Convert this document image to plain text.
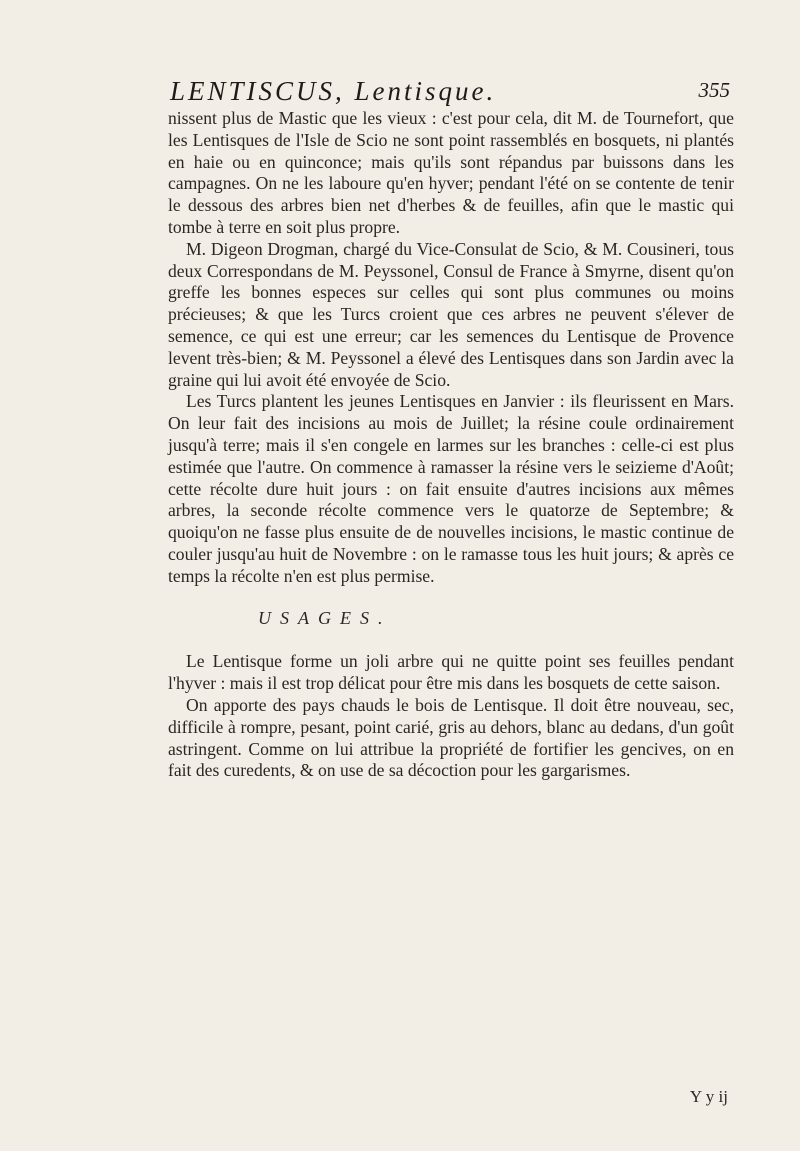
LENTISCUS, Lentisque.	355

nissent plus de Mastic que les vieux : c'est pour cela, dit M. de Tournefort, que les Lentisques de l'Isle de Scio ne sont point rassemblés en bosquets, ni plantés en haie ou en quinconce; mais qu'ils sont répandus par buissons dans les campagnes. On ne les laboure qu'en hyver; pendant l'été on se contente de tenir le dessous des arbres bien net d'herbes & de feuilles, afin que le mastic qui tombe à terre en soit plus propre.

M. Digeon Drogman, chargé du Vice-Consulat de Scio, & M. Cousineri, tous deux Correspondans de M. Peyssonel, Consul de France à Smyrne, disent qu'on greffe les bonnes especes sur celles qui sont plus communes ou moins précieuses; & que les Turcs croient que ces arbres ne peuvent s'élever de semence, ce qui est une erreur; car les semences du Lentisque de Provence levent très-bien; & M. Peyssonel a élevé des Lentisques dans son Jardin avec la graine qui lui avoit été envoyée de Scio.

Les Turcs plantent les jeunes Lentisques en Janvier : ils fleurissent en Mars. On leur fait des incisions au mois de Juillet; la résine coule ordinairement jusqu'à terre; mais il s'en congele en larmes sur les branches : celle-ci est plus estimée que l'autre. On commence à ramasser la résine vers le seizieme d'Août; cette récolte dure huit jours : on fait ensuite d'autres incisions aux mêmes arbres, la seconde récolte commence vers le quatorze de Septembre; & quoiqu'on ne fasse plus ensuite de de nouvelles incisions, le mastic continue de couler jusqu'au huit de Novembre : on le ramasse tous les huit jours; & après ce temps la récolte n'en est plus permise.

USAGES.

Le Lentisque forme un joli arbre qui ne quitte point ses feuilles pendant l'hyver : mais il est trop délicat pour être mis dans les bosquets de cette saison.

On apporte des pays chauds le bois de Lentisque. Il doit être nouveau, sec, difficile à rompre, pesant, point carié, gris au dehors, blanc au dedans, d'un goût astringent. Comme on lui attribue la propriété de fortifier les gencives, on en fait des curedents, & on use de sa décoction pour les gargarismes.

Y y ij
